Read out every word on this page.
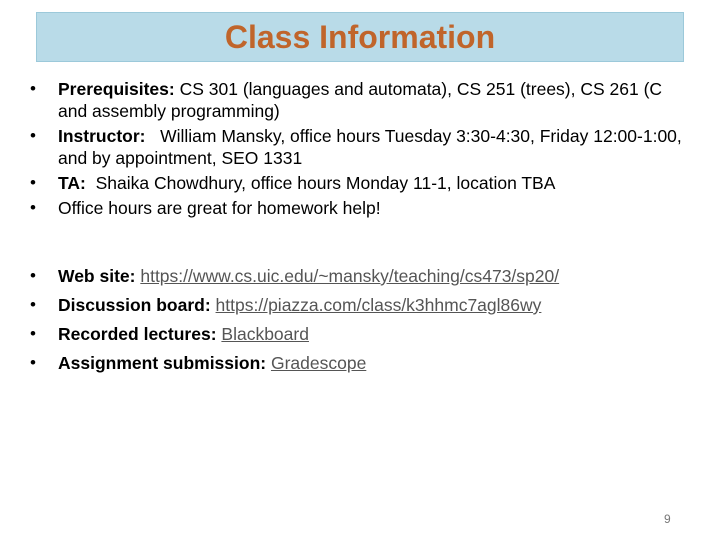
Class Information
• Prerequisites: CS 301 (languages and automata), CS 251 (trees), CS 261 (C and assembly programming)
• Instructor:   William Mansky, office hours Tuesday 3:30-4:30, Friday 12:00-1:00, and by appointment, SEO 1331
• TA:  Shaika Chowdhury, office hours Monday 11-1, location TBA
• Office hours are great for homework help!
• Web site: https://www.cs.uic.edu/~mansky/teaching/cs473/sp20/
• Discussion board: https://piazza.com/class/k3hhmc7agl86wy
• Recorded lectures: Blackboard
• Assignment submission: Gradescope
9
